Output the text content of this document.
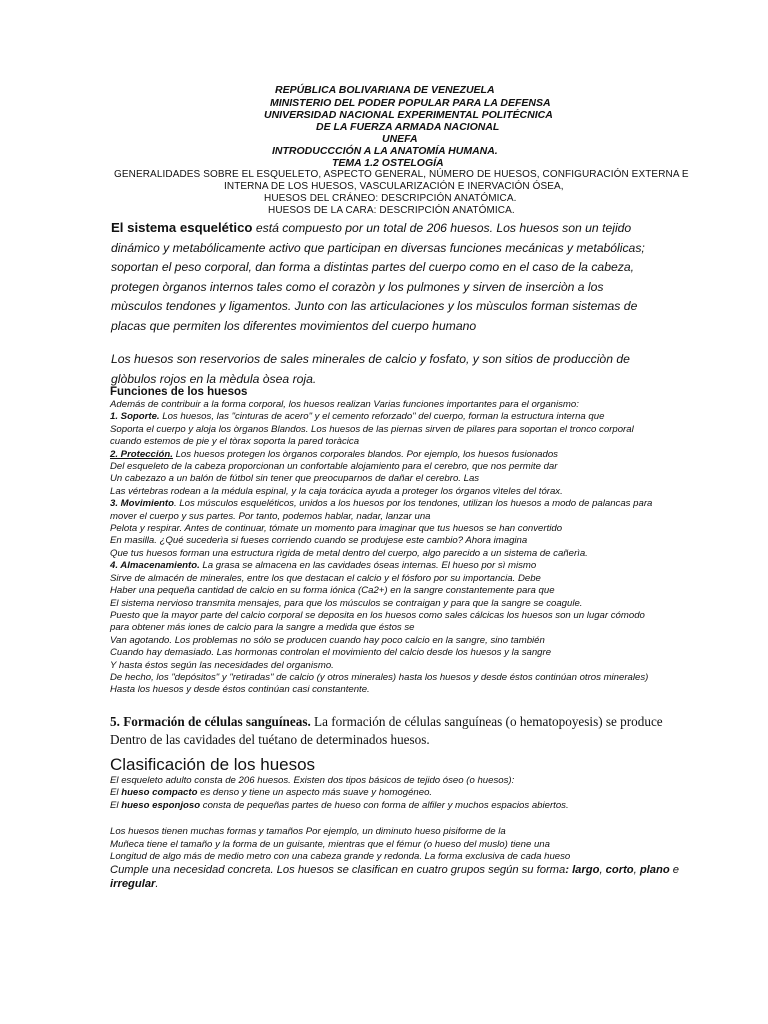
REPÚBLICA BOLIVARIANA DE VENEZUELA
MINISTERIO DEL PODER POPULAR PARA LA DEFENSA
UNIVERSIDAD NACIONAL EXPERIMENTAL POLITÉCNICA
DE LA FUERZA ARMADA NACIONAL
UNEFA
INTRODUCCCIÓN A LA ANATOMÍA HUMANA.
TEMA 1.2 OSTELOGÍA
GENERALIDADES SOBRE EL ESQUELETO, ASPECTO GENERAL, NÚMERO DE HUESOS, CONFIGURACIÓN EXTERNA E
INTERNA DE LOS HUESOS, VASCULARIZACIÓN E INERVACIÓN ÓSEA,
HUESOS DEL CRÁNEO: DESCRIPCIÓN ANATÓMICA.
HUESOS DE LA CARA: DESCRIPCIÓN ANATÓMICA.

El sistema esquelético está compuesto por un total de 206 huesos. Los huesos son un tejido dinámico y metabólicamente activo que participan en diversas funciones mecánicas y metabólicas; soportan el peso corporal, dan forma a distintas partes del cuerpo como en el caso de la cabeza, protegen òrganos internos tales como el corazòn y los pulmones y sirven de inserciòn a los mùsculos tendones y ligamentos. Junto con las articulaciones y los mùsculos forman sistemas de placas que permiten los diferentes movimientos del cuerpo humano

Los huesos son reservorios de sales minerales de calcio y fosfato, y son sitios de producciòn de glòbulos rojos en la mèdula òsea roja.

Funciones de los huesos
Además de contribuir a la forma corporal, los huesos realizan Varias funciones importantes para el organismo:
1. Soporte. Los huesos, las "cinturas de acero" y el cemento reforzado" del cuerpo, forman la estructura interna que
Soporta el cuerpo y aloja los òrganos Blandos. Los huesos de las piernas sirven de pilares para soportan el tronco corporal
cuando estemos de pie y el tòrax soporta la pared toràcica
2. Protección. Los huesos protegen los òrganos corporales blandos. Por ejemplo, los huesos fusionados
Del esqueleto de la cabeza proporcionan un confortable alojamiento para el cerebro, que nos permite dar
Un cabezazo a un balón de fútbol sin tener que preocuparnos de dañar el cerebro. Las
Las vértebras rodean a la médula espinal, y la caja torácica ayuda a proteger los órganos vìteles del tórax.
3. Movimiento. Los músculos esqueléticos, unidos a los huesos por los tendones, utilizan los huesos a modo de palancas para
mover el cuerpo y sus partes. Por tanto, podemos hablar, nadar, lanzar una
Pelota y respirar. Antes de continuar, tómate un momento para imaginar que tus huesos se han convertido
En masilla. ¿Qué sucederìa si fueses corriendo cuando se produjese este cambio? Ahora imagina
Que tus huesos forman una estructura rìgida de metal dentro del cuerpo, algo parecido a un sistema de cañerìa.
4. Almacenamiento. La grasa se almacena en las cavidades óseas internas. El hueso por sì mismo
Sirve de almacén de minerales, entre los que destacan el calcio y el fósforo por su importancia. Debe
Haber una pequeña cantidad de calcio en su forma iónica (Ca2+) en la sangre constantemente para que
El sistema nervioso transmita mensajes, para que los músculos se contraigan y para que la sangre se coagule.
Puesto que la mayor parte del calcio corporal se deposita en los huesos como sales cálcicas los huesos son un lugar cómodo
para obtener más iones de calcio para la sangre a medida que éstos se
Van agotando. Los problemas no sólo se producen cuando hay poco calcio en la sangre, sino también
Cuando hay demasiado. Las hormonas controlan el movimiento del calcio desde los huesos y la sangre
Y hasta éstos según las necesidades del organismo.
De hecho, los "depósitos" y "retiradas" de calcio (y otros minerales) hasta los huesos y desde éstos continúan otros minerales)
Hasta los huesos y desde éstos continúan casi constantente.
5. Formación de células sanguíneas. La formación de células sanguíneas (o hematopoyesis) se produce Dentro de las cavidades del tuétano de determinados huesos.
Clasificación de los huesos
El esqueleto adulto consta de 206 huesos. Existen dos tipos básicos de tejido óseo (o huesos):
El hueso compacto es denso y tiene un aspecto más suave y homogéneo.
El hueso esponjoso consta de pequeñas partes de hueso con forma de alfiler y muchos espacios abiertos.
Los huesos tienen muchas formas y tamaños Por ejemplo, un diminuto hueso pisiforme de la
Muñeca tiene el tamaño y la forma de un guisante, mientras que el fémur (o hueso del muslo) tiene una
Longitud de algo más de medio metro con una cabeza grande y redonda. La forma exclusiva de cada hueso
Cumple una necesidad concreta. Los huesos se clasifican en cuatro grupos según su forma: largo, corto, plano e
irregular.
